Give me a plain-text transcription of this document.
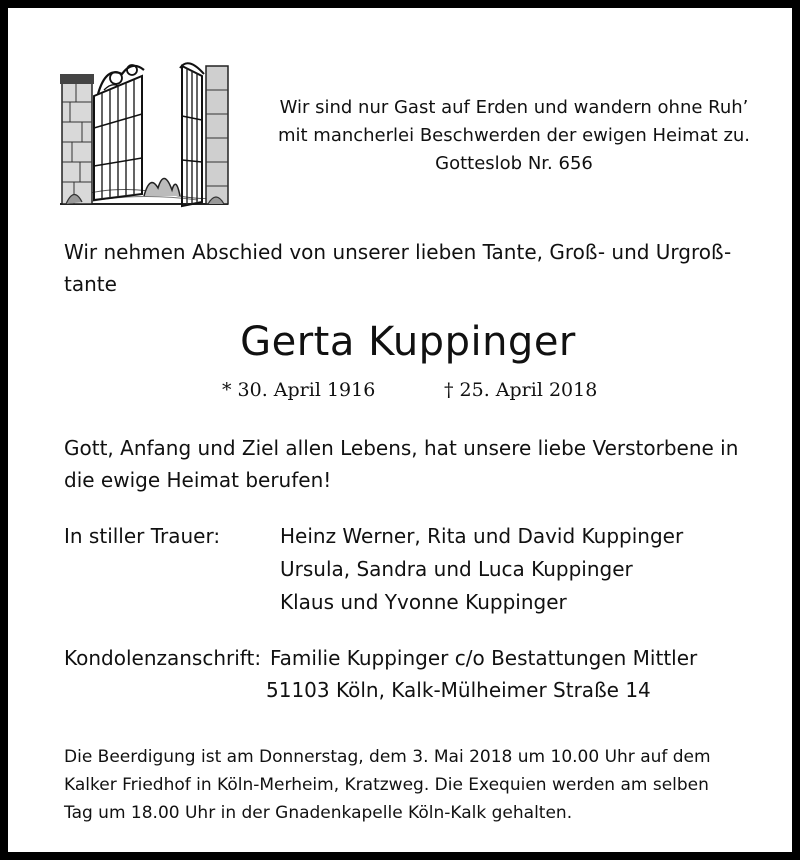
Wir sind nur Gast auf Erden und wandern ohne Ruh’
mit mancherlei Beschwerden der ewigen Heimat zu.
Gotteslob Nr. 656
Wir nehmen Abschied von unserer lieben Tante, Groß- und Urgroß-
tante
Gerta Kuppinger
* 30. April 1916	† 25. April 2018
Gott, Anfang und Ziel allen Lebens, hat unsere liebe Verstorbene in
die ewige Heimat berufen!
In stiller Trauer:	Heinz Werner, Rita und David Kuppinger
Ursula, Sandra und Luca Kuppinger
Klaus und Yvonne Kuppinger
Kondolenzanschrift: Familie Kuppinger c/o Bestattungen Mittler
51103 Köln, Kalk-Mülheimer Straße 14
Die Beerdigung ist am Donnerstag, dem 3. Mai 2018 um 10.00 Uhr auf dem
Kalker Friedhof in Köln-Merheim, Kratzweg. Die Exequien werden am selben
Tag um 18.00 Uhr in der Gnadenkapelle Köln-Kalk gehalten.
